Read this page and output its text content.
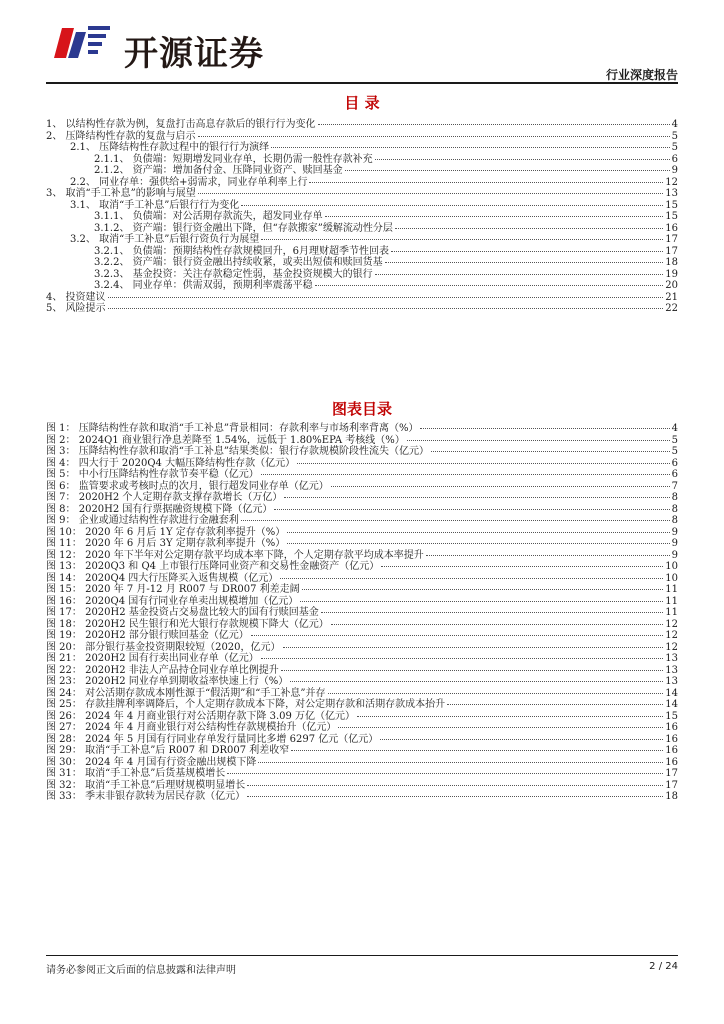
开源证券
行业深度报告
目 录
1、 以结构性存款为例，复盘打击高息存款后的银行行为变化	4
2、 压降结构性存款的复盘与启示	5
2.1、 压降结构性存款过程中的银行行为演绎	5
2.1.1、 负债端：短期增发同业存单，长期仍需一般性存款补充	6
2.1.2、 资产端：增加备付金、压降同业资产、赎回基金	9
2.2、 同业存单：强供给+弱需求，同业存单利率上行	12
3、 取消“手工补息”的影响与展望	13
3.1、 取消“手工补息”后银行行为变化	15
3.1.1、 负债端：对公活期存款流失，超发同业存单	15
3.1.2、 资产端：银行资金融出下降，但“存款搬家”缓解流动性分层	16
3.2、 取消“手工补息”后银行资负行为展望	17
3.2.1、 负债端：预期结构性存款规模回升，6月理财超季节性回表	17
3.2.2、 资产端：银行资金融出持续收紧，或卖出短债和赎回货基	18
3.2.3、 基金投资：关注存款稳定性弱，基金投资规模大的银行	19
3.2.4、 同业存单：供需双弱，预期利率震荡平稳	20
4、 投资建议	21
5、 风险提示	22
图表目录
图 1： 压降结构性存款和取消“手工补息”背景相同：存款利率与市场利率背离（%）	4
图 2： 2024Q1 商业银行净息差降至 1.54%，远低于 1.80%EPA 考核线（%）	5
图 3： 压降结构性存款和取消“手工补息”结果类似：银行存款规模阶段性流失（亿元）	5
图 4： 四大行于 2020Q4 大幅压降结构性存款（亿元）	6
图 5： 中小行压降结构性存款节奏平稳（亿元）	6
图 6： 监管要求或考核时点的次月，银行超发同业存单（亿元）	7
图 7： 2020H2 个人定期存款支撑存款增长（万亿）	8
图 8： 2020H2 国有行票据融资规模下降（亿元）	8
图 9： 企业或通过结构性存款进行金融套利	8
图 10： 2020 年 6 月后 1Y 定存存款利率提升（%）	9
图 11： 2020 年 6 月后 3Y 定期存款利率提升（%）	9
图 12： 2020 年下半年对公定期存款平均成本率下降，个人定期存款平均成本率提升	9
图 13： 2020Q3 和 Q4 上市银行压降同业资产和交易性金融资产（亿元）	10
图 14： 2020Q4 四大行压降买入返售规模（亿元）	10
图 15： 2020 年 7 月-12 月 R007 与 DR007 利差走阔	11
图 16： 2020Q4 国有行同业存单卖出规模增加（亿元）	11
图 17： 2020H2 基金投资占交易盘比较大的国有行赎回基金	11
图 18： 2020H2 民生银行和光大银行存款规模下降大（亿元）	12
图 19： 2020H2 部分银行赎回基金（亿元）	12
图 20： 部分银行基金投资期限较短（2020，亿元）	12
图 21： 2020H2 国有行卖出同业存单（亿元）	13
图 22： 2020H2 非法人产品持仓同业存单比例提升	13
图 23： 2020H2 同业存单到期收益率快速上行（%）	13
图 24： 对公活期存款成本刚性源于“假活期”和“手工补息”并存	14
图 25： 存款挂牌利率调降后，个人定期存款成本下降，对公定期存款和活期存款成本抬升	14
图 26： 2024 年 4 月商业银行对公活期存款下降 3.09 万亿（亿元）	15
图 27： 2024 年 4 月商业银行对公结构性存款规模抬升（亿元）	16
图 28： 2024 年 5 月国有行同业存单发行量同比多增 6297 亿元（亿元）	16
图 29： 取消“手工补息”后 R007 和 DR007 利差收窄	16
图 30： 2024 年 4 月国有行资金融出规模下降	16
图 31： 取消“手工补息”后货基规模增长	17
图 32： 取消“手工补息”后理财规模明显增长	17
图 33： 季末非银存款转为居民存款（亿元）	18
请务必参阅正文后面的信息披露和法律声明	2 / 24
